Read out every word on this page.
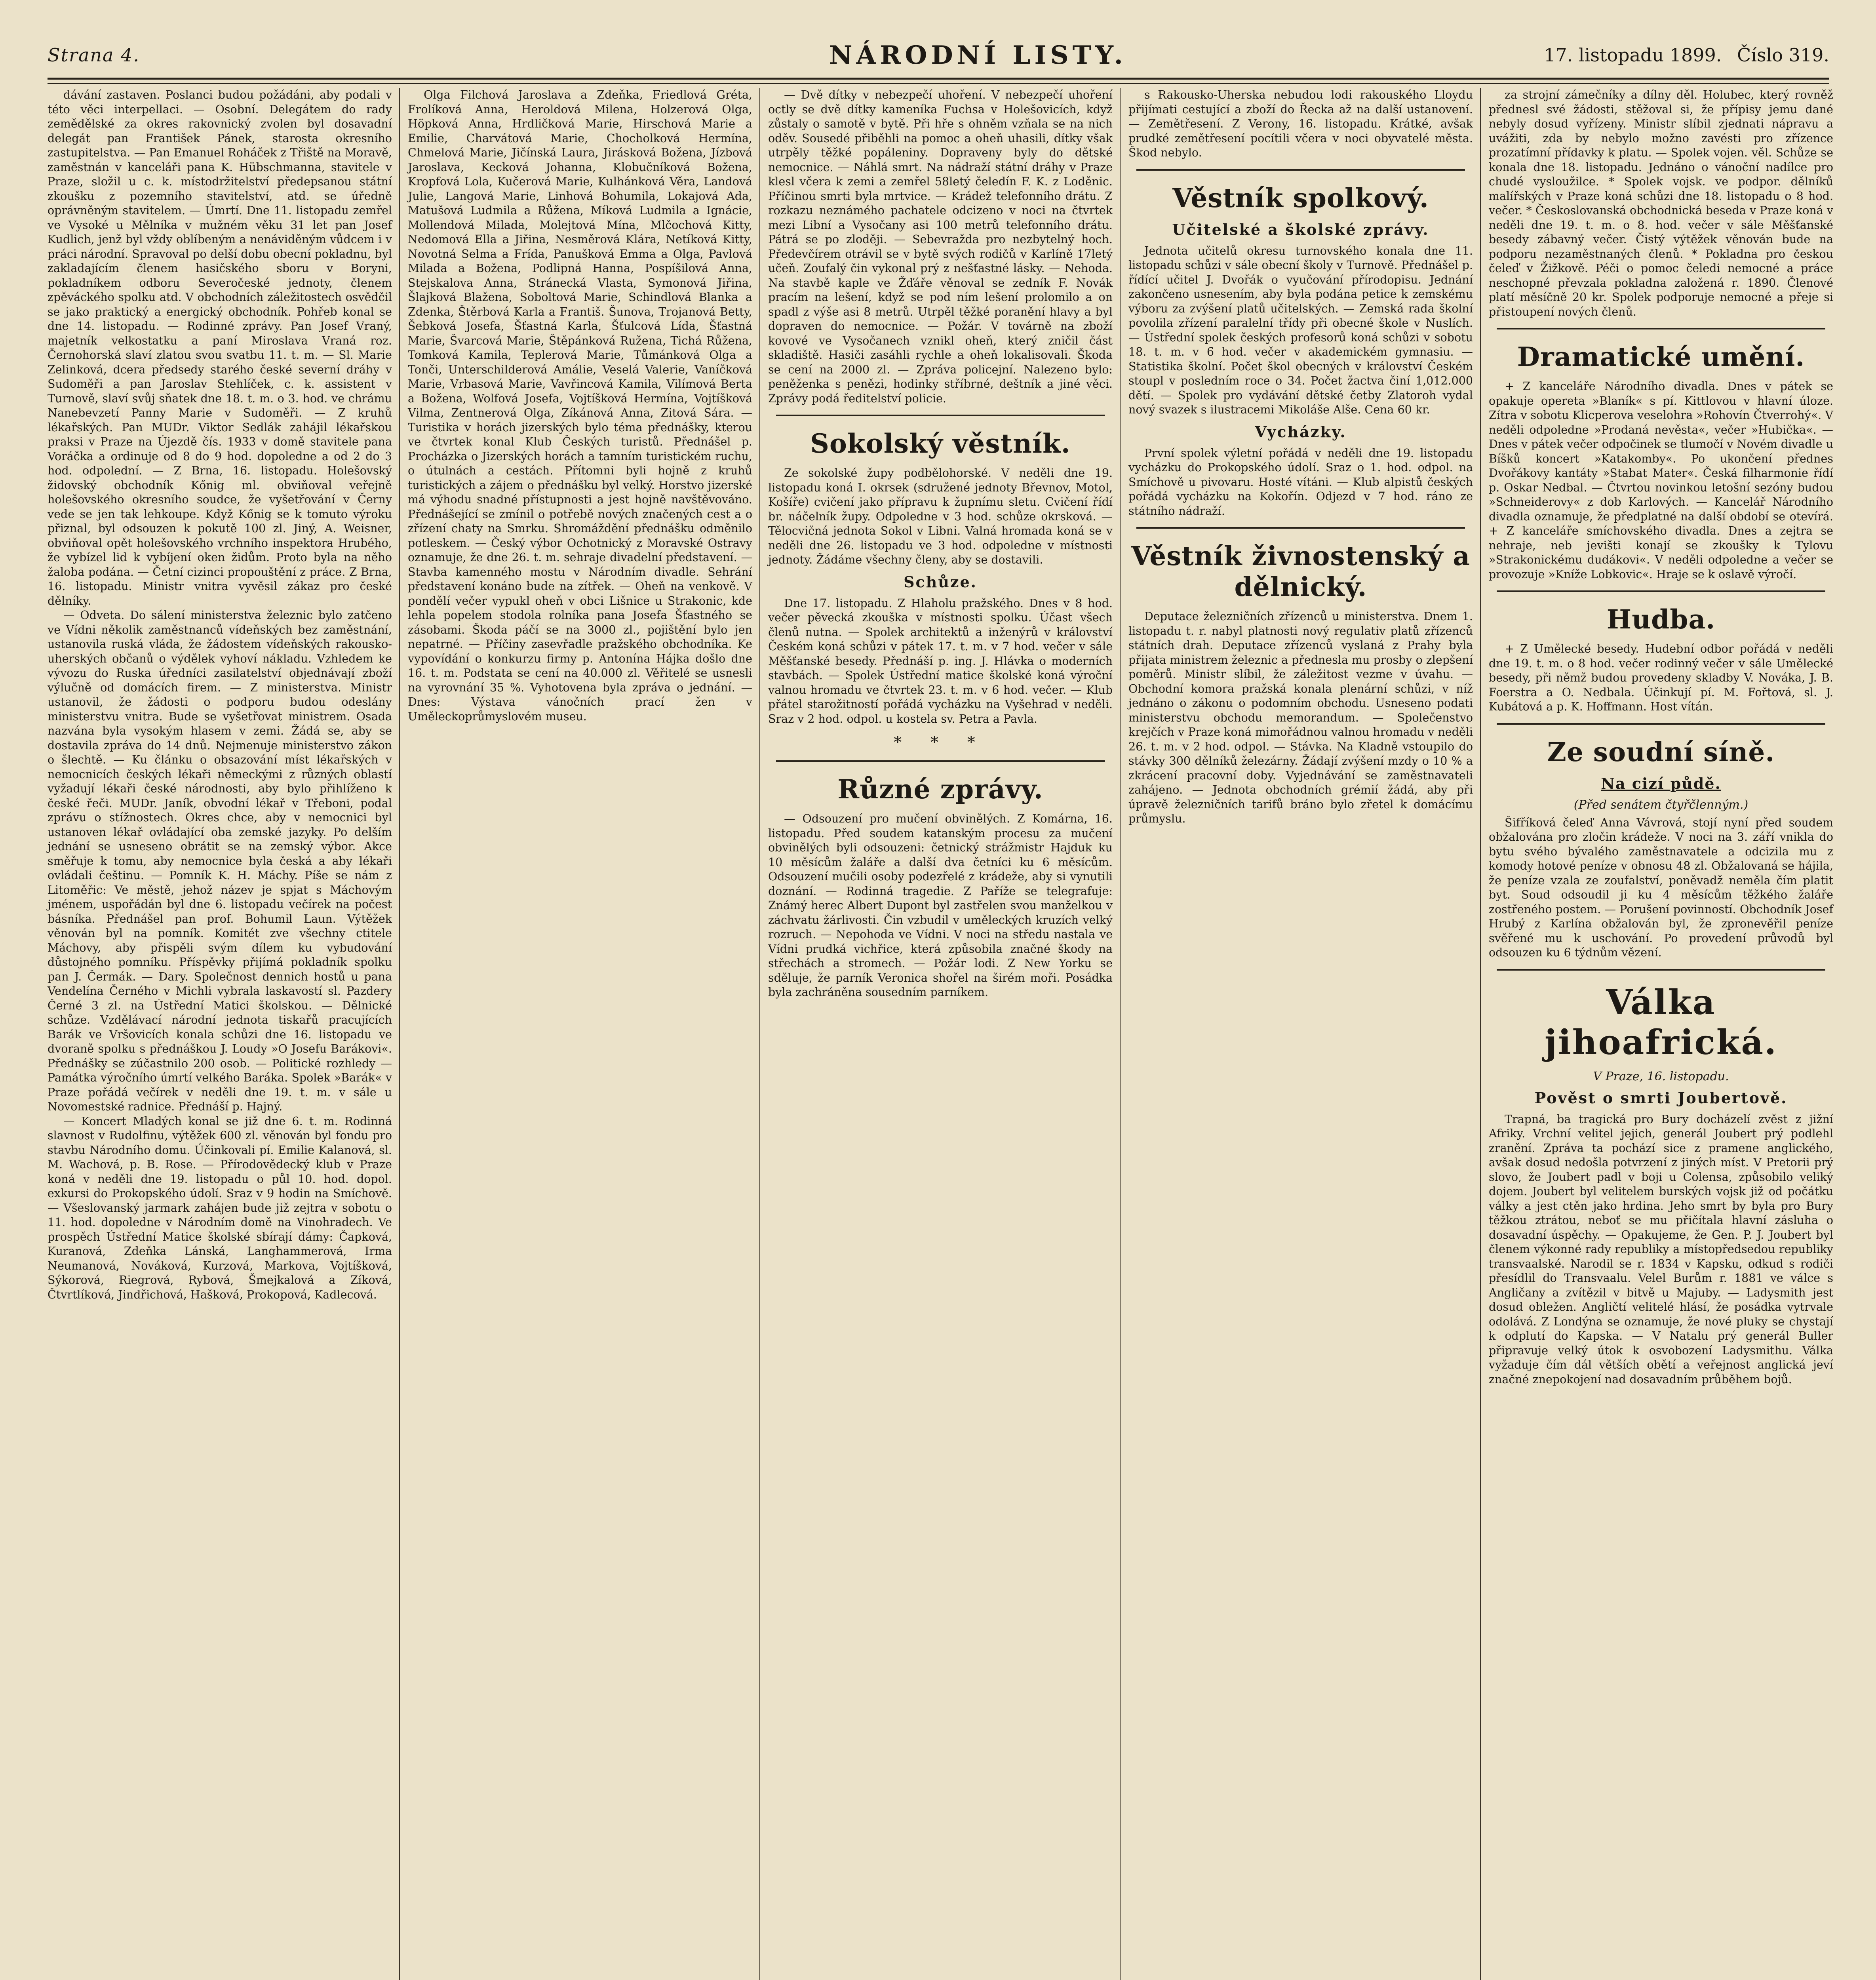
Strana 4.	NÁRODNÍ LISTY.	17. listopadu 1899. Číslo 319.

dávání zastaven. Poslanci budou požádáni, aby podali v této věci interpellaci. — Osobní. Delegátem do rady zemědělské za okres rakovnický zvolen byl dosavadní delegát pan František Pánek, starosta okresního zastupitelstva. — Pan Emanuel Roháček z Třiště na Moravě, zaměstnán v kanceláři pana K. Hübschmanna, stavitele v Praze, složil u c. k. místodržitelství předepsanou státní zkoušku z pozemního stavitelství, atd. se úředně oprávněným stavitelem. — Úmrtí. Dne 11. listopadu zemřel ve Vysoké u Mělníka v mužném věku 31 let pan Josef Kudlich, jenž byl vždy oblíbeným a nenáviděným vůdcem i v práci národní. Spravoval po delší dobu obecní pokladnu, byl zakladajícím členem hasičského sboru v Boryni, pokladníkem odboru Severočeské jednoty, členem zpěváckého spolku atd. V obchodních záležitostech osvědčil se jako praktický a energický obchodník. Pohřeb konal se dne 14. listopadu. — Rodinné zprávy. Pan Josef Vraný, majetník velkostatku a paní Miroslava Vraná roz. Černohorská slaví zlatou svou svatbu 11. t. m. — Sl. Marie Zelinková, dcera předsedy starého české severní dráhy v Sudoměři a pan Jaroslav Stehlíček, c. k. assistent v Turnově, slaví svůj sňatek dne 18. t. m. o 3. hod. ve chrámu Nanebevzetí Panny Marie v Sudoměři. — Z kruhů lékařských. Pan MUDr. Viktor Sedlák zahájil lékařskou praksi v Praze na Újezdě čís. 1933 v domě stavitele pana Voráčka a ordinuje od 8 do 9 hod. dopoledne a od 2 do 3 hod. odpolední. — Z Brna, 16. listopadu. Holešovský židovský obchodník Kőnig ml. obviňoval veřejně holešovského okresního soudce, že vyšetřování v Černy vede se jen tak lehkoupe. Když Kőnig se k tomuto výroku přiznal, byl odsouzen k pokutě 100 zl. Jiný, A. Weisner, obviňoval opět holešovského vrchního inspektora Hrubého, že vybízel lid k vybíjení oken židům. Proto byla na něho žaloba podána. — Četní cizinci propouštění z práce. Z Brna, 16. listopadu. Ministr vnitra vyvěsil zákaz pro české dělníky.

— Odveta. Do sálení ministerstva železnic bylo zatčeno ve Vídni několik zaměstnanců vídeňských bez zaměstnání, ustanovila ruská vláda, že žádostem vídeňských rakousko-uherských občanů o výdělek vyhoví nákladu. Vzhledem ke vývozu do Ruska úředníci zasilatelství objednávají zboží výlučně od domácích firem. — Z ministerstva. Ministr ustanovil, že žádosti o podporu budou odeslány ministerstvu vnitra. Bude se vyšetřovat ministrem. Osada nazvána byla vysokým hlasem v zemi. Žádá se, aby se dostavila zpráva do 14 dnů. Nejmenuje ministerstvo zákon o šlechtě. — Ku článku o obsazování míst lékařských v nemocnicích českých lékaři německými z různých oblastí vyžadují lékaři české národnosti, aby bylo přihlíženo k české řeči. MUDr. Janík, obvodní lékař v Třeboni, podal zprávu o stížnostech. Okres chce, aby v nemocnici byl ustanoven lékař ovládající oba zemské jazyky. Po delším jednání se usneseno obrátit se na zemský výbor. Akce směřuje k tomu, aby nemocnice byla česká a aby lékaři ovládali češtinu. — Pomník K. H. Máchy. Píše se nám z Litoměřic: Ve městě, jehož název je spjat s Máchovým jménem, uspořádán byl dne 6. listopadu večírek na počest básníka. Přednášel pan prof. Bohumil Laun. Výtěžek věnován byl na pomník. Komitét zve všechny ctitele Máchovy, aby přispěli svým dílem ku vybudování důstojného pomníku. Příspěvky přijímá pokladník spolku pan J. Čermák. — Dary. Společnost dennich hostů u pana Vendelína Černého v Michli vybrala laskavostí sl. Pazdery Černé 3 zl. na Ústřední Matici školskou. — Dělnické schůze. Vzdělávací národní jednota tiskařů pracujících Barák ve Vršovicích konala schůzi dne 16. listopadu ve dvoraně spolku s přednáškou J. Loudy »O Josefu Barákovi«. Přednášky se zúčastnilo 200 osob. — Politické rozhledy — Památka výročního úmrtí velkého Baráka. Spolek »Barák« v Praze pořádá večírek v neděli dne 19. t. m. v sále u Novomestské radnice. Přednáší p. Hajný.

— Koncert Mladých konal se již dne 6. t. m. Rodinná slavnost v Rudolfinu, výtěžek 600 zl. věnován byl fondu pro stavbu Národního domu. Účinkovali pí. Emilie Kalanová, sl. M. Wachová, p. B. Rose. — Přírodovědecký klub v Praze koná v neděli dne 19. listopadu o půl 10. hod. dopol. exkursi do Prokopského údolí. Sraz v 9 hodin na Smíchově. — Všeslovanský jarmark zahájen bude již zejtra v sobotu o 11. hod. dopoledne v Národním domě na Vinohradech. Ve prospěch Ústřední Matice školské sbírají dámy: Čapková, Kuranová, Zdeňka Lánská, Langhammerová, Irma Neumanová, Nováková, Kurzová, Markova, Vojtíšková, Sýkorová, Riegrová, Rybová, Šmejkalová a Zíková, Čtvrtlíková, Jindřichová, Hašková, Prokopová, Kadlecová.

Olga Filchová Jaroslava a Zdeňka, Friedlová Gréta, Frolíková Anna, Heroldová Milena, Holzerová Olga, Höpková Anna, Hrdličková Marie, Hirschová Marie a Emilie, Charvátová Marie, Chocholková Hermína, Chmelová Marie, Jičínská Laura, Jirásková Božena, Jízbová Jaroslava, Kecková Johanna, Klobučníková Božena, Kropfová Lola, Kučerová Marie, Kulhánková Věra, Landová Julie, Langová Marie, Linhová Bohumila, Lokajová Ada, Matušová Ludmila a Růžena, Míková Ludmila a Ignácie, Mollendová Milada, Molejtová Mína, Mlčochová Kitty, Nedomová Ella a Jiřina, Nesměrová Klára, Netíková Kitty, Novotná Selma a Frída, Panušková Emma a Olga, Pavlová Milada a Božena, Podlipná Hanna, Pospíšilová Anna, Stejskalova Anna, Stránecká Vlasta, Symonová Jiřina, Šlajková Blažena, Soboltová Marie, Schindlová Blanka a Zdenka, Štěrbová Karla a Františ. Šunova, Trojanová Betty, Šebková Josefa, Šťastná Karla, Šťulcová Lída, Šťastná Marie, Švarcová Marie, Štěpánková Ružena, Tichá Růžena, Tomková Kamila, Teplerová Marie, Tůmánková Olga a Tonči, Unterschilderová Amálie, Veselá Valerie, Vaníčková Marie, Vrbasová Marie, Vavřincová Kamila, Vilímová Berta a Božena, Wolfová Josefa, Vojtíšková Hermína, Vojtíšková Vilma, Zentnerová Olga, Zíkánová Anna, Zitová Sára. — Turistika v horách jizerských bylo téma přednášky, kterou ve čtvrtek konal Klub Českých turistů. Přednášel p. Procházka o Jizerských horách a tamním turistickém ruchu, o útulnách a cestách. Přítomni byli hojně z kruhů turistických a zájem o přednášku byl velký. Horstvo jizerské má výhodu snadné přístupnosti a jest hojně navštěvováno. Přednášející se zmínil o potřebě nových značených cest a o zřízení chaty na Smrku. Shromáždění přednášku odměnilo potleskem. — Český výbor Ochotnický z Moravské Ostravy oznamuje, že dne 26. t. m. sehraje divadelní představení. — Stavba kamenného mostu v Národním divadle. Sehrání představení konáno bude na zítřek. — Oheň na venkově. V pondělí večer vypukl oheň v obci Lišnice u Strakonic, kde lehla popelem stodola rolníka pana Josefa Šťastného se zásobami. Škoda páčí se na 3000 zl., pojištění bylo jen nepatrné. — Příčiny zasevřadle pražského obchodníka. Ke vypovídání o konkurzu firmy p. Antonína Hájka došlo dne 16. t. m. Podstata se cení na 40.000 zl. Věřitelé se usnesli na vyrovnání 35 %. Vyhotovena byla zpráva o jednání. — Dnes: Výstava vánočních prací žen v Uměleckoprůmyslovém museu.

— Dvě dítky v nebezpečí uhoření. V nebezpečí uhoření octly se dvě dítky kameníka Fuchsa v Holešovicích, když zůstaly o samotě v bytě. Při hře s ohněm vzňala se na nich oděv. Sousedé přiběhli na pomoc a oheň uhasili, dítky však utrpěly těžké popáleniny. Dopraveny byly do dětské nemocnice. — Náhlá smrt. Na nádraží státní dráhy v Praze klesl včera k zemi a zemřel 58letý čeledín F. K. z Loděnic. Příčinou smrti byla mrtvice. — Krádež telefonního drátu. Z rozkazu neznámého pachatele odcizeno v noci na čtvrtek mezi Libní a Vysočany asi 100 metrů telefonního drátu. Pátrá se po zloději. — Sebevražda pro nezbytelný hoch. Předevčírem otrávil se v bytě svých rodičů v Karlíně 17letý učeň. Zoufalý čin vykonal prý z nešťastné lásky. — Nehoda. Na stavbě kaple ve Žďáře věnoval se zedník F. Novák pracím na lešení, když se pod ním lešení prolomilo a on spadl z výše asi 8 metrů. Utrpěl těžké poranění hlavy a byl dopraven do nemocnice. — Požár. V továrně na zboží kovové ve Vysočanech vznikl oheň, který zničil část skladiště. Hasiči zasáhli rychle a oheň lokalisovali. Škoda se cení na 2000 zl. — Zpráva policejní. Nalezeno bylo: peněženka s penězi, hodinky stříbrné, deštník a jiné věci. Zprávy podá ředitelství policie.

Sokolský věstník.

Ze sokolské župy podbělohorské. V neděli dne 19. listopadu koná I. okrsek (sdružené jednoty Břevnov, Motol, Košíře) cvičení jako přípravu k župnímu sletu. Cvičení řídí br. náčelník župy. Odpoledne v 3 hod. schůze okrsková. — Tělocvičná jednota Sokol v Libni. Valná hromada koná se v neděli dne 26. listopadu ve 3 hod. odpoledne v místnosti jednoty. Žádáme všechny členy, aby se dostavili.

Schůze.

Dne 17. listopadu. Z Hlaholu pražského. Dnes v 8 hod. večer pěvecká zkouška v místnosti spolku. Účast všech členů nutna. — Spolek architektů a inženýrů v království Českém koná schůzi v pátek 17. t. m. v 7 hod. večer v sále Měšťanské besedy. Přednáší p. ing. J. Hlávka o moderních stavbách. — Spolek Ústřední matice školské koná výroční valnou hromadu ve čtvrtek 23. t. m. v 6 hod. večer. — Klub přátel starožitností pořádá vycházku na Vyšehrad v neděli. Sraz v 2 hod. odpol. u kostela sv. Petra a Pavla.

* * *
Různé zprávy.

— Odsouzení pro mučení obvinělých. Z Komárna, 16. listopadu. Před soudem katanským procesu za mučení obvinělých byli odsouzeni: četnický strážmistr Hajduk ku 10 měsícům žaláře a další dva četníci ku 6 měsícům. Odsouzení mučili osoby podezřelé z krádeže, aby si vynutili doznání. — Rodinná tragedie. Z Paříže se telegrafuje: Známý herec Albert Dupont byl zastřelen svou manželkou v záchvatu žárlivosti. Čin vzbudil v uměleckých kruzích velký rozruch. — Nepohoda ve Vídni. V noci na středu nastala ve Vídni prudká vichřice, která způsobila značné škody na střechách a stromech. — Požár lodi. Z New Yorku se sděluje, že parník Veronica shořel na širém moři. Posádka byla zachráněna sousedním parníkem.

s Rakousko-Uherska nebudou lodi rakouského Lloydu přijímati cestující a zboží do Řecka až na další ustanovení. — Zemětřesení. Z Verony, 16. listopadu. Krátké, avšak prudké zemětřesení pocítili včera v noci obyvatelé města. Škod nebylo.

Věstník spolkový.
Učitelské a školské zprávy.

Jednota učitelů okresu turnovského konala dne 11. listopadu schůzi v sále obecní školy v Turnově. Přednášel p. řídící učitel J. Dvořák o vyučování přírodopisu. Jednání zakončeno usnesením, aby byla podána petice k zemskému výboru za zvýšení platů učitelských. — Zemská rada školní povolila zřízení paralelní třídy při obecné škole v Nuslích. — Ústřední spolek českých profesorů koná schůzi v sobotu 18. t. m. v 6 hod. večer v akademickém gymnasiu. — Statistika školní. Počet škol obecných v království Českém stoupl v posledním roce o 34. Počet žactva činí 1,012.000 dětí. — Spolek pro vydávání dětské četby Zlatoroh vydal nový svazek s ilustracemi Mikoláše Alše. Cena 60 kr.

Vycházky.

První spolek výletní pořádá v neděli dne 19. listopadu vycházku do Prokopského údolí. Sraz o 1. hod. odpol. na Smíchově u pivovaru. Hosté vítáni. — Klub alpistů českých pořádá vycházku na Kokořín. Odjezd v 7 hod. ráno ze státního nádraží.

Věstník živnostenský a dělnický.

Deputace železničních zřízenců u ministerstva. Dnem 1. listopadu t. r. nabyl platnosti nový regulativ platů zřízenců státních drah. Deputace zřízenců vyslaná z Prahy byla přijata ministrem železnic a přednesla mu prosby o zlepšení poměrů. Ministr slíbil, že záležitost vezme v úvahu. — Obchodní komora pražská konala plenární schůzi, v níž jednáno o zákonu o podomním obchodu. Usneseno podati ministerstvu obchodu memorandum. — Společenstvo krejčích v Praze koná mimořádnou valnou hromadu v neděli 26. t. m. v 2 hod. odpol. — Stávka. Na Kladně vstoupilo do stávky 300 dělníků železárny. Žádají zvýšení mzdy o 10 % a zkrácení pracovní doby. Vyjednávání se zaměstnavateli zahájeno. — Jednota obchodních grémií žádá, aby při úpravě železničních tarifů bráno bylo zřetel k domácímu průmyslu.

za strojní zámečníky a dílny děl. Holubec, který rovněž přednesl své žádosti, stěžoval si, že přípisy jemu dané nebyly dosud vyřízeny. Ministr slíbil zjednati nápravu a uvážiti, zda by nebylo možno zavésti pro zřízence prozatímní přídavky k platu. — Spolek vojen. věl. Schůze se konala dne 18. listopadu. Jednáno o vánoční nadílce pro chudé vysloužilce. * Spolek vojsk. ve podpor. dělníků malířských v Praze koná schůzi dne 18. listopadu o 8 hod. večer. * Českoslovanská obchodnická beseda v Praze koná v neděli dne 19. t. m. o 8. hod. večer v sále Měšťanské besedy zábavný večer. Čistý výtěžek věnován bude na podporu nezaměstnaných členů. * Pokladna pro českou čeleď v Žižkově. Péči o pomoc čeledi nemocné a práce neschopné převzala pokladna založená r. 1890. Členové platí měsíčně 20 kr. Spolek podporuje nemocné a přeje si přistoupení nových členů.

Dramatické umění.

+ Z kanceláře Národního divadla. Dnes v pátek se opakuje opereta »Blaník« s pí. Kittlovou v hlavní úloze. Zítra v sobotu Klicperova veselohra »Rohovín Čtverrohý«. V neděli odpoledne »Prodaná nevěsta«, večer »Hubička«. — Dnes v pátek večer odpočinek se tlumočí v Novém divadle u Bíšků koncert »Katakomby«. Po ukončení přednes Dvořákovy kantáty »Stabat Mater«. Česká filharmonie řídí p. Oskar Nedbal. — Čtvrtou novinkou letošní sezóny budou »Schneiderovy« z dob Karlových. — Kancelář Národního divadla oznamuje, že předplatné na další období se otevírá. + Z kanceláře smíchovského divadla. Dnes a zejtra se nehraje, neb jevišti konají se zkoušky k Tylovu »Strakonickému dudákovi«. V neděli odpoledne a večer se provozuje »Kníže Lobkovic«. Hraje se k oslavě výročí.

Hudba.

+ Z Umělecké besedy. Hudební odbor pořádá v neděli dne 19. t. m. o 8 hod. večer rodinný večer v sále Umělecké besedy, při němž budou provedeny skladby V. Nováka, J. B. Foerstra a O. Nedbala. Účinkují pí. M. Fořtová, sl. J. Kubátová a p. K. Hoffmann. Host vítán.

Ze soudní síně.
Na cizí půdě.
(Před senátem čtyřčlenným.)

Šifříková čeleď Anna Vávrová, stojí nyní před soudem obžalována pro zločin krádeže. V noci na 3. září vnikla do bytu svého bývalého zaměstnavatele a odcizila mu z komody hotové peníze v obnosu 48 zl. Obžalovaná se hájila, že peníze vzala ze zoufalství, poněvadž neměla čím platit byt. Soud odsoudil ji ku 4 měsícům těžkého žaláře zostřeného postem. — Porušení povinností. Obchodník Josef Hrubý z Karlína obžalován byl, že zpronevěřil peníze svěřené mu k uschování. Po provedení průvodů byl odsouzen ku 6 týdnům vězení.

Válka jihoafrická.
V Praze, 16. listopadu.
Pověst o smrti Joubertově.

Trapná, ba tragická pro Bury docházelí zvěst z jižní Afriky. Vrchní velitel jejich, generál Joubert prý podlehl zranění. Zpráva ta pochází sice z pramene anglického, avšak dosud nedošla potvrzení z jiných míst. V Pretorii prý slovo, že Joubert padl v boji u Colensa, způsobilo veliký dojem. Joubert byl velitelem burských vojsk již od počátku války a jest ctěn jako hrdina. Jeho smrt by byla pro Bury těžkou ztrátou, neboť se mu přičítala hlavní zásluha o dosavadní úspěchy. — Opakujeme, že Gen. P. J. Joubert byl členem výkonné rady republiky a místopředsedou republiky transvaalské. Narodil se r. 1834 v Kapsku, odkud s rodiči přesídlil do Transvaalu. Velel Burům r. 1881 ve válce s Angličany a zvítězil v bitvě u Majuby. — Ladysmith jest dosud obležen. Angličtí velitelé hlásí, že posádka vytrvale odolává. Z Londýna se oznamuje, že nové pluky se chystají k odplutí do Kapska. — V Natalu prý generál Buller připravuje velký útok k osvobození Ladysmithu. Válka vyžaduje čím dál větších obětí a veřejnost anglická jeví značné znepokojení nad dosavadním průběhem bojů.
